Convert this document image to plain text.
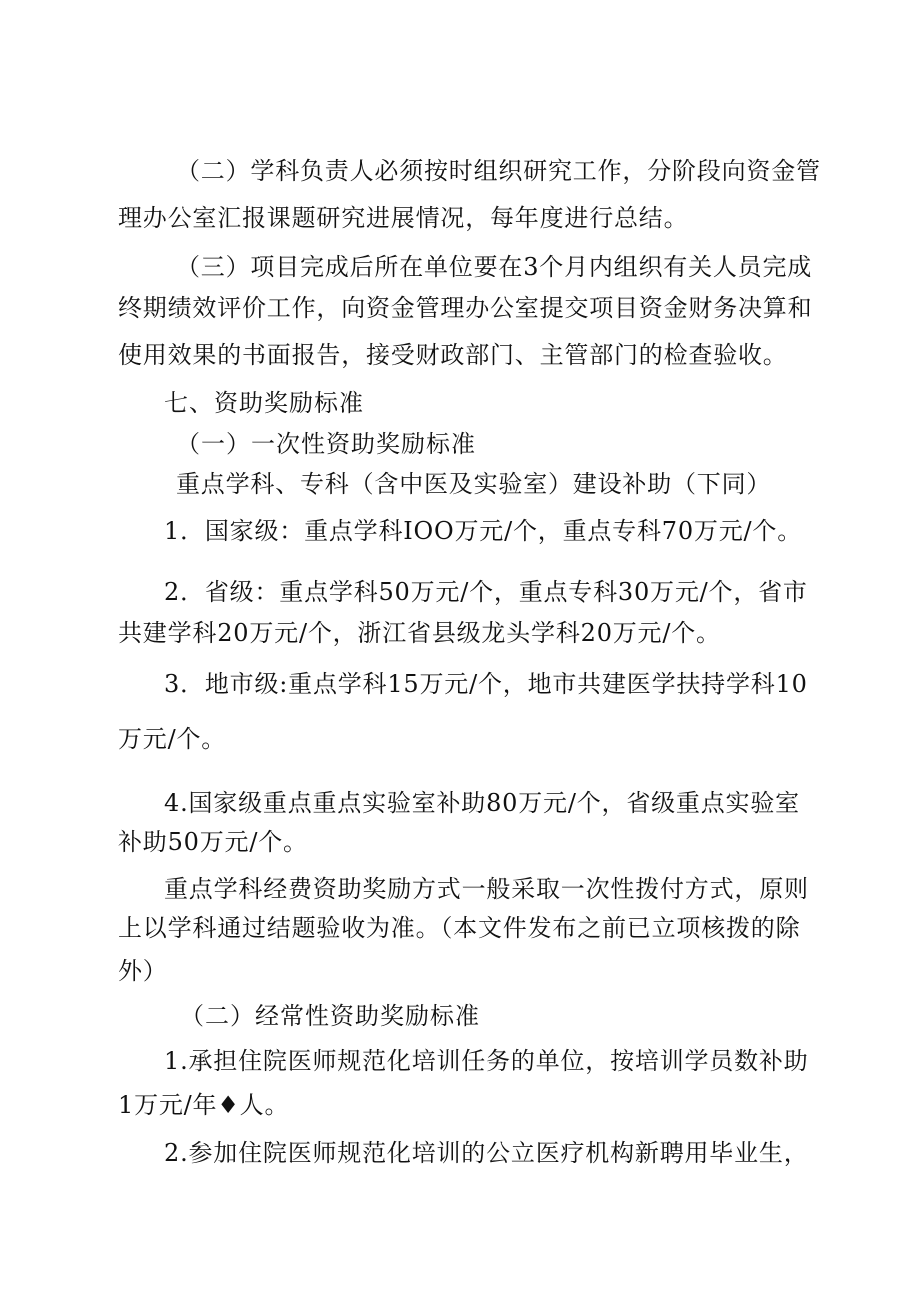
（二）学科负责人必须按时组织研究工作，分阶段向资金管
理办公室汇报课题研究进展情况，每年度进行总结。
（三）项目完成后所在单位要在3个月内组织有关人员完成
终期绩效评价工作，向资金管理办公室提交项目资金财务决算和
使用效果的书面报告，接受财政部门、主管部门的检查验收。
七、资助奖励标准
（一）一次性资助奖励标准
重点学科、专科（含中医及实验室）建设补助（下同）
1．国家级：重点学科IOO万元/个，重点专科70万元/个。
2．省级：重点学科50万元/个，重点专科30万元/个，省市
共建学科20万元/个，浙江省县级龙头学科20万元/个。
3．地市级:重点学科15万元/个，地市共建医学扶持学科10
万元/个。
4.国家级重点重点实验室补助80万元/个，省级重点实验室
补助50万元/个。
重点学科经费资助奖励方式一般采取一次性拨付方式，原则
上以学科通过结题验收为准。（本文件发布之前已立项核拨的除
外）
（二）经常性资助奖励标准
1.承担住院医师规范化培训任务的单位，按培训学员数补助
1万元/年♦人。
2.参加住院医师规范化培训的公立医疗机构新聘用毕业生，
